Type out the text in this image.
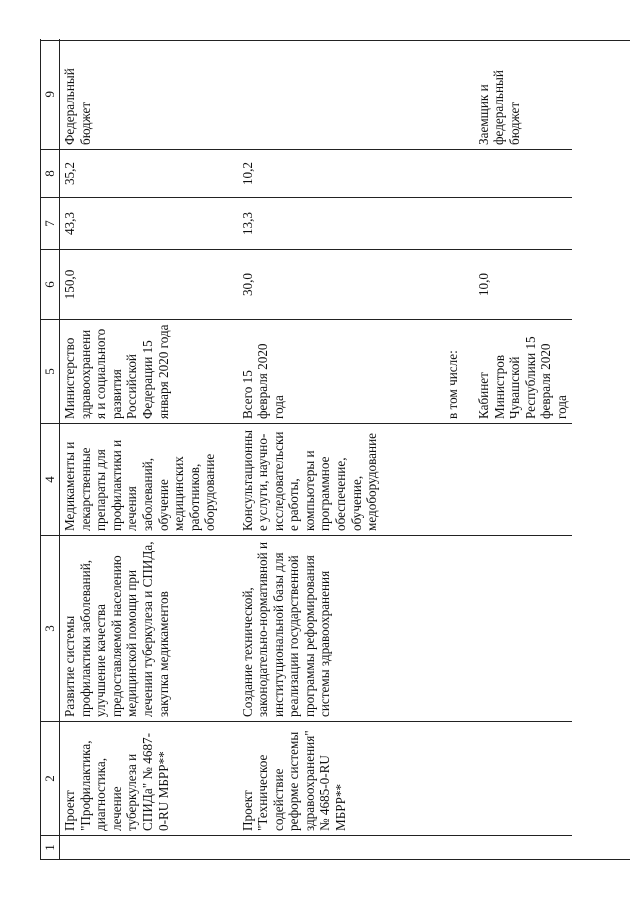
1	2	3	4	5	6	7	8	9
	Проект "Профилактика, диагностика, лечение туберкулеза и СПИДа" № 4687-0-RU МБРР**	Развитие системы профилактики заболеваний, улучшение качества предоставляемой населению медицинской помощи при лечении туберкулеза и СПИДа, закупка медикаментов	Медикаменты и лекарственные препараты для профилактики и лечения заболеваний, обучение медицинских работников, оборудование	Министерство здравоохранения и социального развития Российской Федерации 15 января 2020 года	150,0	43,3	35,2	Федеральный бюджет
	Проект "Техническое содействие реформе системы здравоохранения" № 4685-0-RU МБРР**	Создание технической, законодательно-нормативной и институциональной базы для реализации государственной программы реформирования системы здравоохранения	Консультационные услуги, научно-исследовательские работы, компьютеры и программное обеспечение, обучение, медоборудование	Всего 15 февраля 2020 года	30,0	13,3	10,2	

				в том числе: Кабинет Министров Чувашской Республики 15 февраля 2020 года	10,0			Заемщик и федеральный бюджет
